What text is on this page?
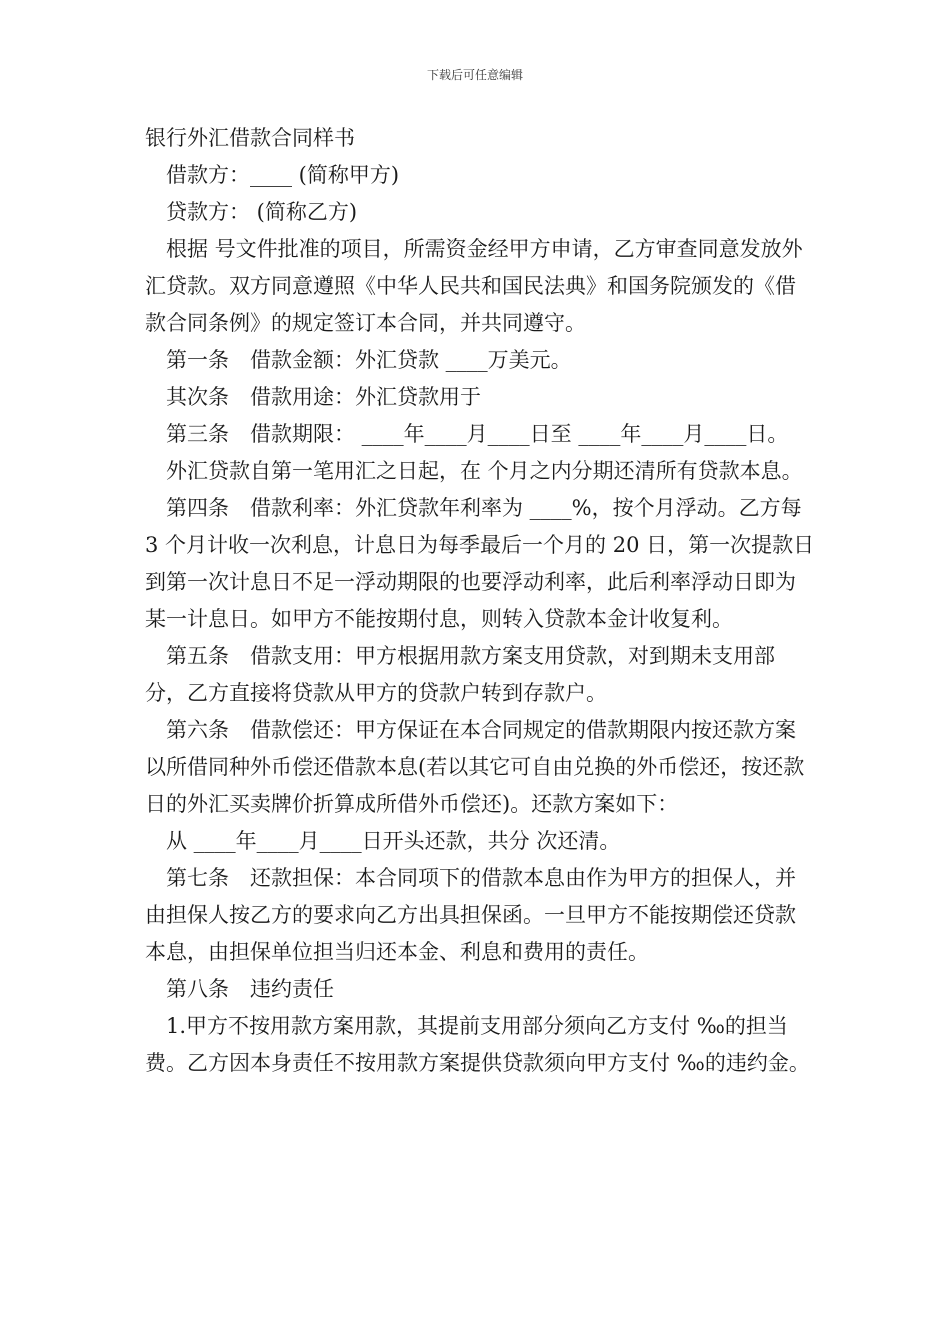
下载后可任意编辑

银行外汇借款合同样书

借款方：____ (简称甲方)

贷款方： (简称乙方)

根据 号文件批准的项目，所需资金经甲方申请，乙方审查同意发放外汇贷款。双方同意遵照《中华人民共和国民法典》和国务院颁发的《借款合同条例》的规定签订本合同，并共同遵守。

第一条　借款金额：外汇贷款 ____万美元。

其次条　借款用途：外汇贷款用于

第三条　借款期限： ____年____月____日至 ____年____月____日。

外汇贷款自第一笔用汇之日起，在 个月之内分期还清所有贷款本息。

第四条　借款利率：外汇贷款年利率为 ____%，按个月浮动。乙方每 3 个月计收一次利息，计息日为每季最后一个月的 20 日，第一次提款日到第一次计息日不足一浮动期限的也要浮动利率，此后利率浮动日即为某一计息日。如甲方不能按期付息，则转入贷款本金计收复利。

第五条　借款支用：甲方根据用款方案支用贷款，对到期未支用部分，乙方直接将贷款从甲方的贷款户转到存款户。

第六条　借款偿还：甲方保证在本合同规定的借款期限内按还款方案以所借同种外币偿还借款本息(若以其它可自由兑换的外币偿还，按还款日的外汇买卖牌价折算成所借外币偿还)。还款方案如下：

从 ____年____月____日开头还款，共分 次还清。

第七条　还款担保：本合同项下的借款本息由作为甲方的担保人，并由担保人按乙方的要求向乙方出具担保函。一旦甲方不能按期偿还贷款本息，由担保单位担当归还本金、利息和费用的责任。

第八条　违约责任

1.甲方不按用款方案用款，其提前支用部分须向乙方支付 ‰的担当费。乙方因本身责任不按用款方案提供贷款须向甲方支付 ‰的违约金。
